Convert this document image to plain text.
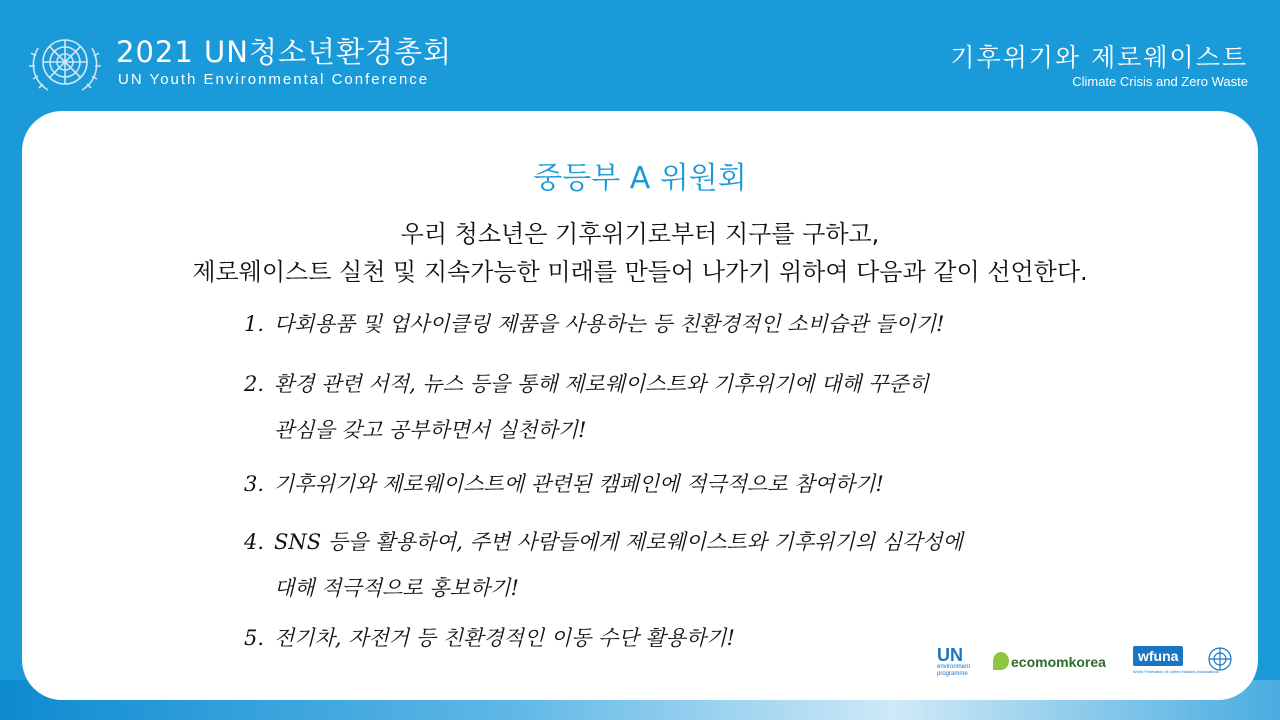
2021 UN청소년환경총회
UN Youth Environmental Conference
기후위기와 제로웨이스트
Climate Crisis and Zero Waste
중등부 A 위원회
우리 청소년은 기후위기로부터 지구를 구하고,
제로웨이스트 실천 및 지속가능한 미래를 만들어 나가기 위하여 다음과 같이 선언한다.
1. 다회용품 및 업사이클링 제품을 사용하는 등 친환경적인 소비습관 들이기!
2. 환경 관련 서적, 뉴스 등을 통해 제로웨이스트와 기후위기에 대해 꾸준히
관심을 갖고 공부하면서 실천하기!
3. 기후위기와 제로웨이스트에 관련된 캠페인에 적극적으로 참여하기!
4. SNS 등을 활용하여, 주변 사람들에게 제로웨이스트와 기후위기의 심각성에
대해 적극적으로 홍보하기!
5. 전기차, 자전거 등 친환경적인 이동 수단 활용하기!
UN
environment
programme
ecomomkorea	wfuna
World Federation of United Nations Associations
